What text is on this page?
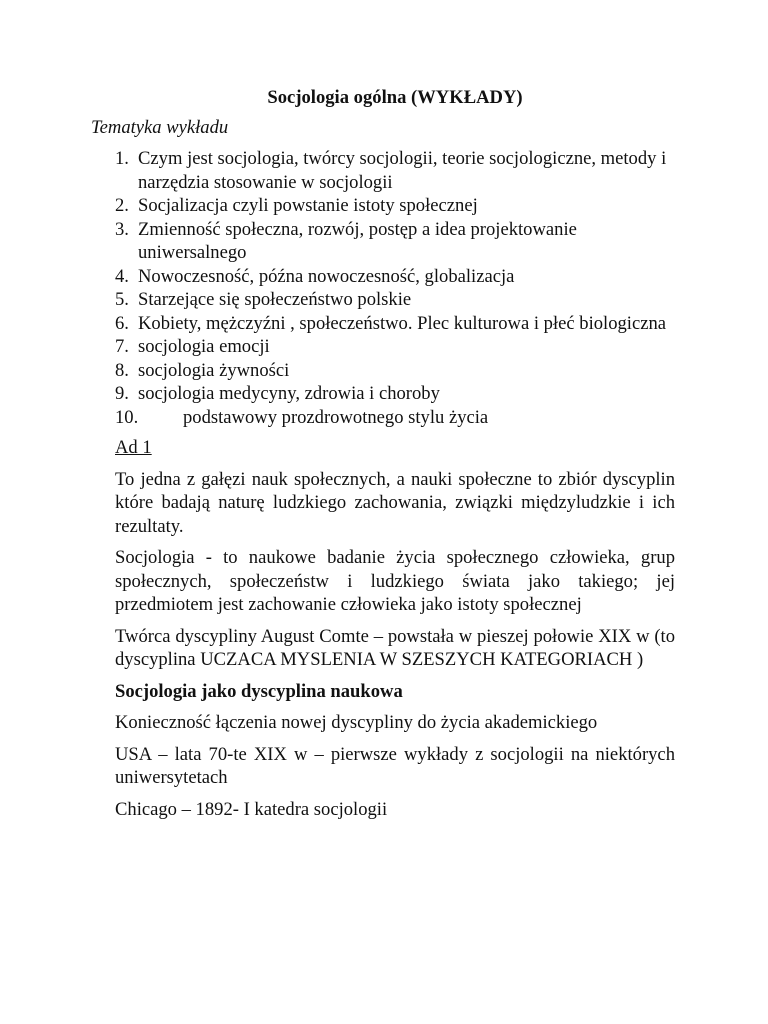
Socjologia ogólna (WYKŁADY)
Tematyka wykładu
1. Czym jest socjologia, twórcy socjologii, teorie socjologiczne, metody i narzędzia stosowanie w socjologii
2. Socjalizacja czyli powstanie istoty społecznej
3. Zmienność społeczna, rozwój, postęp a idea projektowanie uniwersalnego
4. Nowoczesność, późna nowoczesność, globalizacja
5. Starzejące się społeczeństwo polskie
6. Kobiety, mężczyźni , społeczeństwo. Plec kulturowa i płeć biologiczna
7. socjologia emocji
8. socjologia żywności
9. socjologia medycyny, zdrowia i choroby
10. podstawowy prozdrowotnego stylu życia
Ad 1

To jedna z gałęzi nauk społecznych, a nauki społeczne to zbiór dyscyplin które badają naturę ludzkiego zachowania, związki międzyludzkie i ich rezultaty.

Socjologia - to naukowe badanie życia społecznego człowieka, grup społecznych, społeczeństw i ludzkiego świata jako takiego; jej przedmiotem jest zachowanie człowieka jako istoty społecznej

Twórca dyscypliny August Comte – powstała w pieszej połowie XIX w (to dyscyplina UCZACA MYSLENIA W SZESZYCH KATEGORIACH )

Socjologia jako dyscyplina naukowa

Konieczność łączenia nowej dyscypliny do życia akademickiego

USA – lata 70-te XIX w – pierwsze wykłady z socjologii na niektórych uniwersytetach

Chicago – 1892- I katedra socjologii
